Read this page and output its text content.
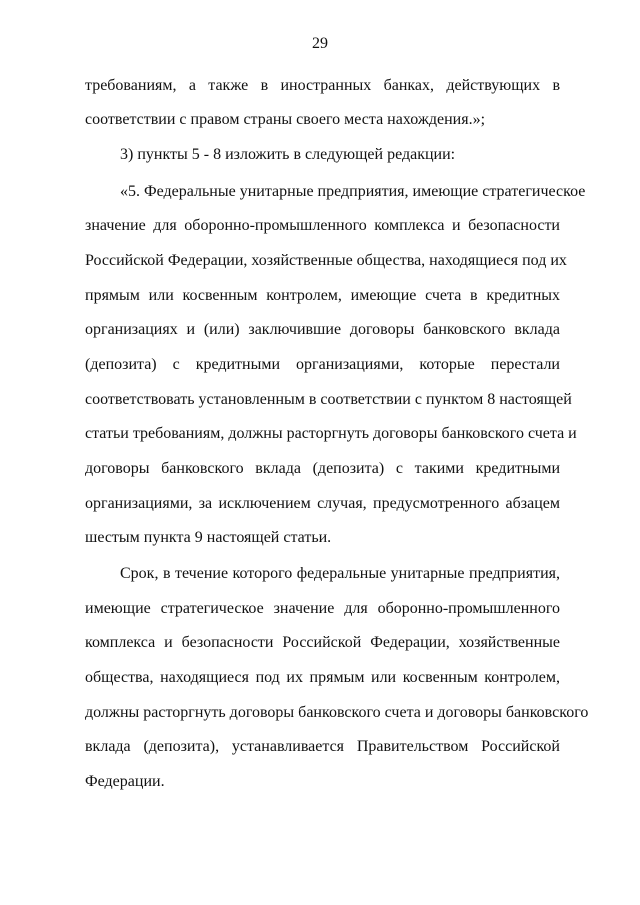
29
требованиям, а также в иностранных банках, действующих в
соответствии с правом страны своего места нахождения.»;
3) пункты 5 - 8 изложить в следующей редакции:
«5. Федеральные унитарные предприятия, имеющие стратегическое
значение для оборонно-промышленного комплекса и безопасности
Российской Федерации, хозяйственные общества, находящиеся под их
прямым или косвенным контролем, имеющие счета в кредитных
организациях и (или) заключившие договоры банковского вклада
(депозита) с кредитными организациями, которые перестали
соответствовать установленным в соответствии с пунктом 8 настоящей
статьи требованиям, должны расторгнуть договоры банковского счета и
договоры банковского вклада (депозита) с такими кредитными
организациями, за исключением случая, предусмотренного абзацем
шестым пункта 9 настоящей статьи.
Срок, в течение которого федеральные унитарные предприятия,
имеющие стратегическое значение для оборонно-промышленного
комплекса и безопасности Российской Федерации, хозяйственные
общества, находящиеся под их прямым или косвенным контролем,
должны расторгнуть договоры банковского счета и договоры банковского
вклада (депозита), устанавливается Правительством Российской
Федерации.
